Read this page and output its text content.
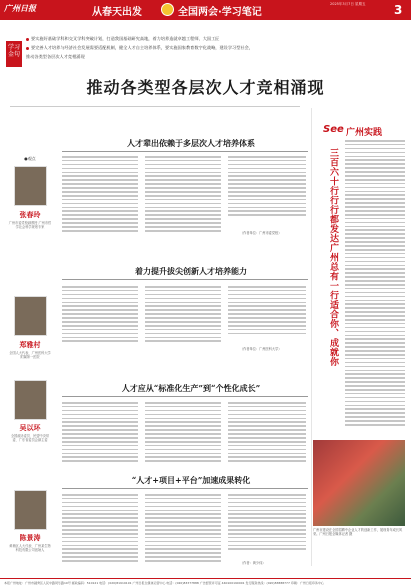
广州日报	从春天出发	全国两会·学习笔记
2025年3月7日 星期五 3
学习 金句
要实施好基础学科和交叉学科突破计划，打造我国基础研究高地，着力培养造就卓越工程师、大国工匠
要完善人才培养与经济社会发展需要适配机制，健全人才自主培养体系，要实施国家教育数字化战略，建设学习型社会，
推动各类型各层次人才竞相涌现
推动各类型各层次人才竞相涌现
人才辈出依赖于多层次人才培养体系
●观点
张春玲
广州市委党校副教授 广州市哲学社会科学规划专家
（作者单位：广州市委党校）
着力提升拔尖创新人才培养能力
郑雅村
全国人大代表、广州医科大学附属第一医院
（作者单位：广州医科大学）
人才应从“标准化生产”到“个性化成长”
吴以环
全国政协委员、民盟中央常委、广东省委员会副主委
“人才+项目+平台”加速成果转化
陈景涛
黄埔区人大代表、广州某生物科技有限公司创始人
（作者：黄少伟）
See 广州实践
三百六十行行行都发达广州总有一行适合你、成就你
广州市建设在全国招聘中企业人才的创新工作，展现青年成长风采。广州日报全媒体记者 摄
本报广州地址：广州市越秀区人民中路同乐路10号 邮政编码：510121 电话：(020)81919191 广州日报全媒体运营中心 电话：(020)83377888 广告经营许可证 440100190001 发行服务热线：(020)83888777 印刷：广州日报印务中心
